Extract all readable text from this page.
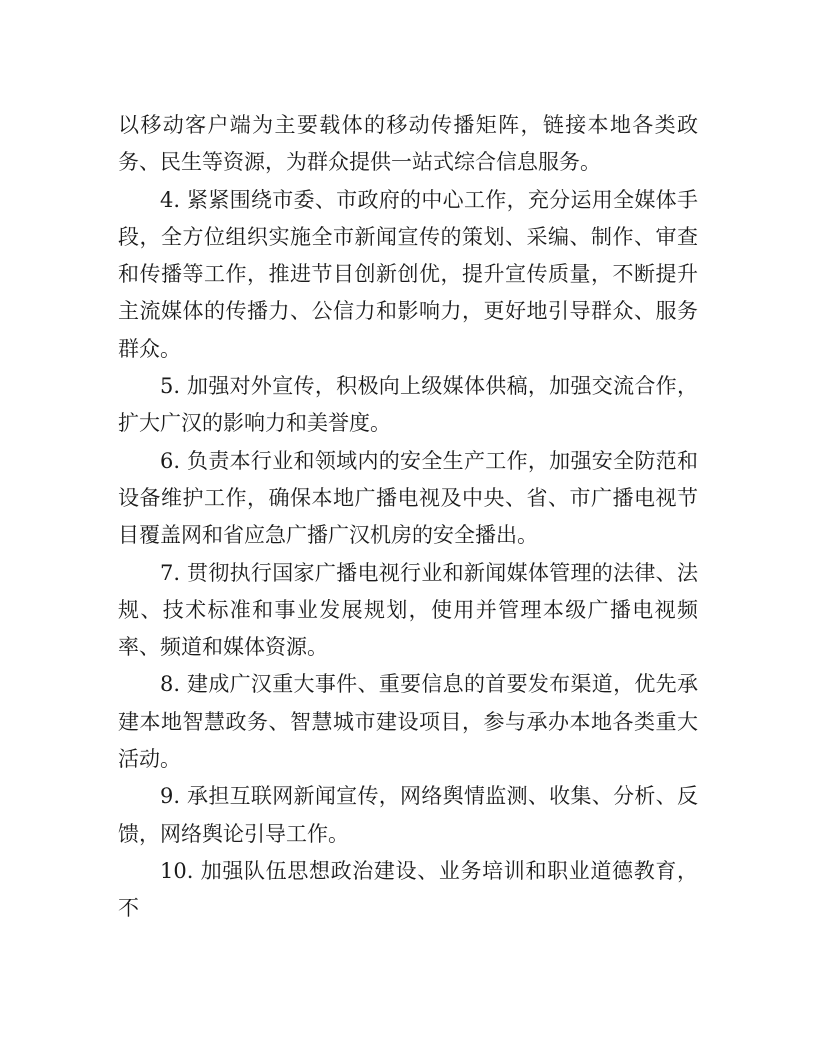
以移动客户端为主要载体的移动传播矩阵，链接本地各类政务、民生等资源，为群众提供一站式综合信息服务。

4. 紧紧围绕市委、市政府的中心工作，充分运用全媒体手段，全方位组织实施全市新闻宣传的策划、采编、制作、审查和传播等工作，推进节目创新创优，提升宣传质量，不断提升主流媒体的传播力、公信力和影响力，更好地引导群众、服务群众。

5. 加强对外宣传，积极向上级媒体供稿，加强交流合作，扩大广汉的影响力和美誉度。

6. 负责本行业和领域内的安全生产工作，加强安全防范和设备维护工作，确保本地广播电视及中央、省、市广播电视节目覆盖网和省应急广播广汉机房的安全播出。

7. 贯彻执行国家广播电视行业和新闻媒体管理的法律、法规、技术标准和事业发展规划，使用并管理本级广播电视频率、频道和媒体资源。

8. 建成广汉重大事件、重要信息的首要发布渠道，优先承建本地智慧政务、智慧城市建设项目，参与承办本地各类重大活动。

9. 承担互联网新闻宣传，网络舆情监测、收集、分析、反馈，网络舆论引导工作。

10. 加强队伍思想政治建设、业务培训和职业道德教育，不
